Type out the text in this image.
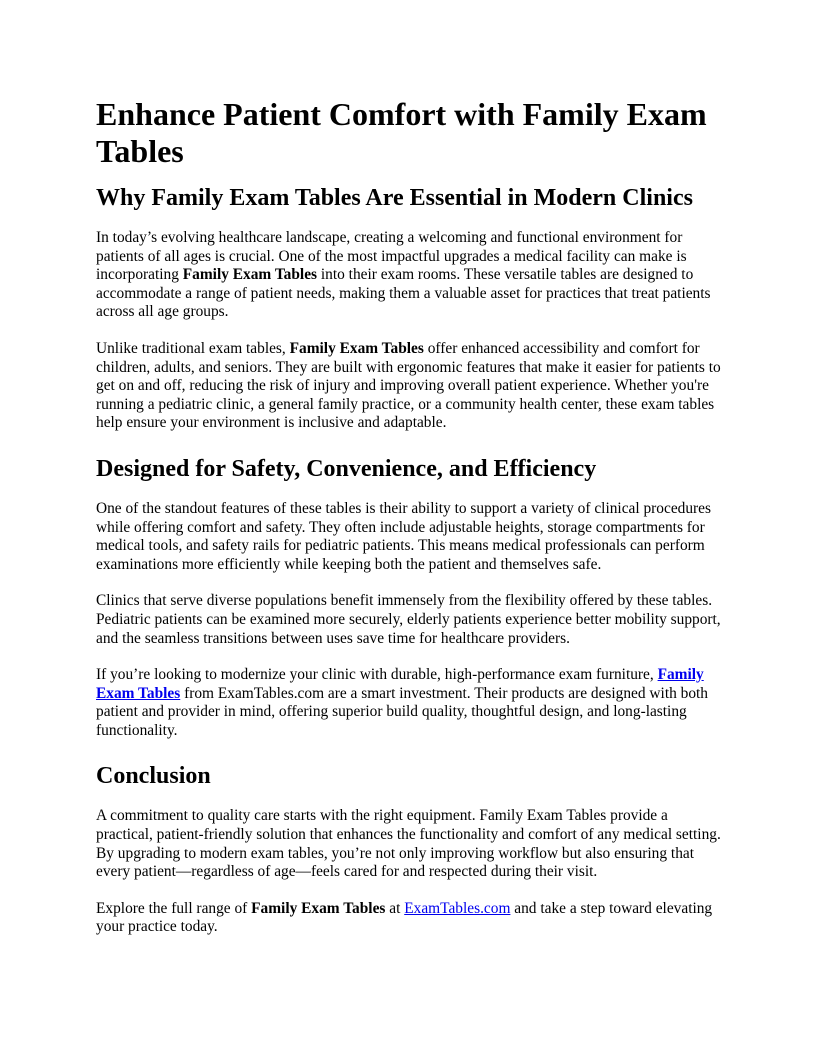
Enhance Patient Comfort with Family Exam Tables
Why Family Exam Tables Are Essential in Modern Clinics

In today’s evolving healthcare landscape, creating a welcoming and functional environment for patients of all ages is crucial. One of the most impactful upgrades a medical facility can make is incorporating Family Exam Tables into their exam rooms. These versatile tables are designed to accommodate a range of patient needs, making them a valuable asset for practices that treat patients across all age groups.

Unlike traditional exam tables, Family Exam Tables offer enhanced accessibility and comfort for children, adults, and seniors. They are built with ergonomic features that make it easier for patients to get on and off, reducing the risk of injury and improving overall patient experience. Whether you're running a pediatric clinic, a general family practice, or a community health center, these exam tables help ensure your environment is inclusive and adaptable.

Designed for Safety, Convenience, and Efficiency

One of the standout features of these tables is their ability to support a variety of clinical procedures while offering comfort and safety. They often include adjustable heights, storage compartments for medical tools, and safety rails for pediatric patients. This means medical professionals can perform examinations more efficiently while keeping both the patient and themselves safe.

Clinics that serve diverse populations benefit immensely from the flexibility offered by these tables. Pediatric patients can be examined more securely, elderly patients experience better mobility support, and the seamless transitions between uses save time for healthcare providers.

If you’re looking to modernize your clinic with durable, high-performance exam furniture, Family Exam Tables from ExamTables.com are a smart investment. Their products are designed with both patient and provider in mind, offering superior build quality, thoughtful design, and long-lasting functionality.

Conclusion

A commitment to quality care starts with the right equipment. Family Exam Tables provide a practical, patient-friendly solution that enhances the functionality and comfort of any medical setting. By upgrading to modern exam tables, you’re not only improving workflow but also ensuring that every patient—regardless of age—feels cared for and respected during their visit.

Explore the full range of Family Exam Tables at ExamTables.com and take a step toward elevating your practice today.
